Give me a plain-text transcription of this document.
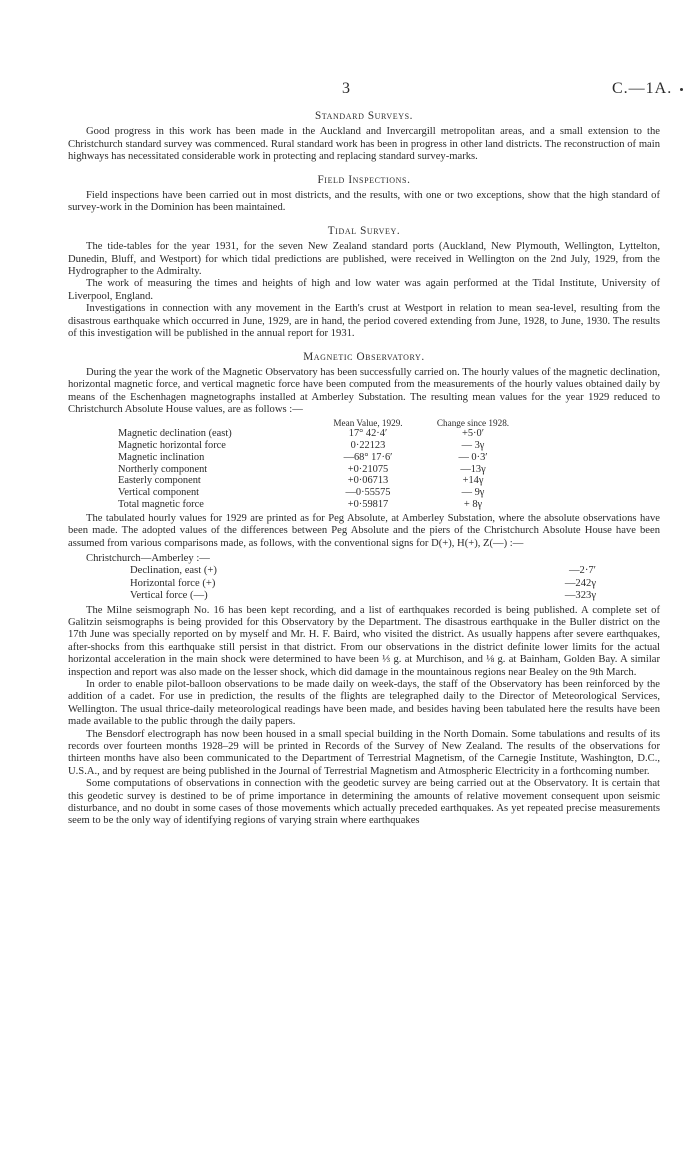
3	C.—1A.
Standard Surveys.

Good progress in this work has been made in the Auckland and Invercargill metropolitan areas, and a small extension to the Christchurch standard survey was commenced. Rural standard work has been in progress in other land districts. The reconstruction of main highways has necessitated considerable work in protecting and replacing standard survey-marks.

Field Inspections.

Field inspections have been carried out in most districts, and the results, with one or two exceptions, show that the high standard of survey-work in the Dominion has been maintained.

Tidal Survey.

The tide-tables for the year 1931, for the seven New Zealand standard ports (Auckland, New Plymouth, Wellington, Lyttelton, Dunedin, Bluff, and Westport) for which tidal predictions are published, were received in Wellington on the 2nd July, 1929, from the Hydrographer to the Admiralty.

The work of measuring the times and heights of high and low water was again performed at the Tidal Institute, University of Liverpool, England.

Investigations in connection with any movement in the Earth's crust at Westport in relation to mean sea-level, resulting from the disastrous earthquake which occurred in June, 1929, are in hand, the period covered extending from June, 1928, to June, 1930. The results of this investigation will be published in the annual report for 1931.

Magnetic Observatory.

During the year the work of the Magnetic Observatory has been successfully carried on. The hourly values of the magnetic declination, horizontal magnetic force, and vertical magnetic force have been computed from the measurements of the hourly values obtained daily by means of the Eschenhagen magnetographs installed at Amberley Substation. The resulting mean values for the year 1929 reduced to Christchurch Absolute House values, are as follows :—

Mean Value, 1929.	Change since 1928.
Magnetic declination (east)	17° 42·4′	+5·0′
Magnetic horizontal force	0·22123	— 3γ
Magnetic inclination	—68° 17·6′	— 0·3′
Northerly component	+0·21075	—13γ
Easterly component	+0·06713	+14γ
Vertical component	—0·55575	— 9γ
Total magnetic force	+0·59817	+ 8γ

The tabulated hourly values for 1929 are printed as for Peg Absolute, at Amberley Substation, where the absolute observations have been made. The adopted values of the differences between Peg Absolute and the piers of the Christchurch Absolute House have been assumed from various comparisons made, as follows, with the conventional signs for D(+), H(+), Z(—) :—

Christchurch—Amberley :—
Declination, east (+)	—2·7′
Horizontal force (+)	—242γ
Vertical force (—)	—323γ

The Milne seismograph No. 16 has been kept recording, and a list of earthquakes recorded is being published. A complete set of Galitzin seismographs is being provided for this Observatory by the Department. The disastrous earthquake in the Buller district on the 17th June was specially reported on by myself and Mr. H. F. Baird, who visited the district. As usually happens after severe earthquakes, after-shocks from this earthquake still persist in that district. From our observations in the district definite lower limits for the actual horizontal acceleration in the main shock were determined to have been ⅓ g. at Murchison, and ⅛ g. at Bainham, Golden Bay. A similar inspection and report was also made on the lesser shock, which did damage in the mountainous regions near Bealey on the 9th March.

In order to enable pilot-balloon observations to be made daily on week-days, the staff of the Observatory has been reinforced by the addition of a cadet. For use in prediction, the results of the flights are telegraphed daily to the Director of Meteorological Services, Wellington. The usual thrice-daily meteorological readings have been made, and besides having been tabulated here the results have been made available to the public through the daily papers.

The Bensdorf electrograph has now been housed in a small special building in the North Domain. Some tabulations and results of its records over fourteen months 1928–29 will be printed in Records of the Survey of New Zealand. The results of the observations for thirteen months have also been communicated to the Department of Terrestrial Magnetism, of the Carnegie Institute, Washington, D.C., U.S.A., and by request are being published in the Journal of Terrestrial Magnetism and Atmospheric Electricity in a forthcoming number.

Some computations of observations in connection with the geodetic survey are being carried out at the Observatory. It is certain that this geodetic survey is destined to be of prime importance in determining the amounts of relative movement consequent upon seismic disturbance, and no doubt in some cases of those movements which actually preceded earthquakes. As yet repeated precise measurements seem to be the only way of identifying regions of varying strain where earthquakes
